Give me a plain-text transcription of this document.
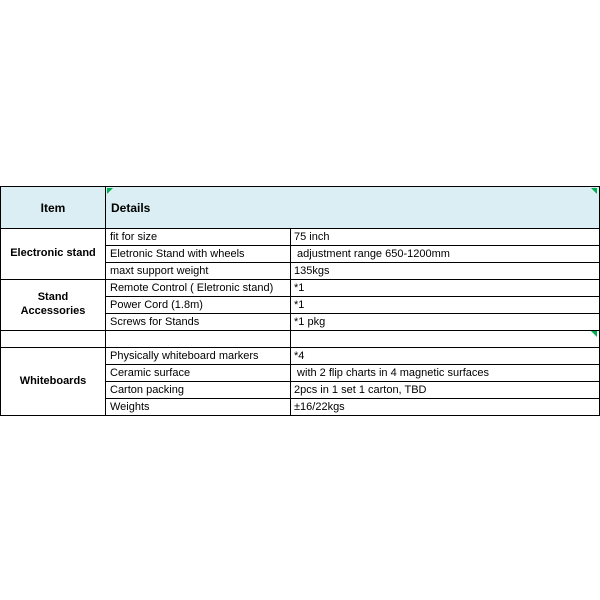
Item	Details	
Electronic stand	fit for size	75 inch
	Eletronic Stand with wheels	adjustment range 650-1200mm
	maxt support weight	135kgs
Stand Accessories	Remote Control ( Eletronic stand)	*1
	Power Cord (1.8m)	*1
	Screws for Stands	*1 pkg

Whiteboards	Physically whiteboard markers	*4
	Ceramic surface	with 2 flip charts in 4 magnetic surfaces
	Carton packing	2pcs in 1 set 1 carton, TBD
	Weights	±16/22kgs
